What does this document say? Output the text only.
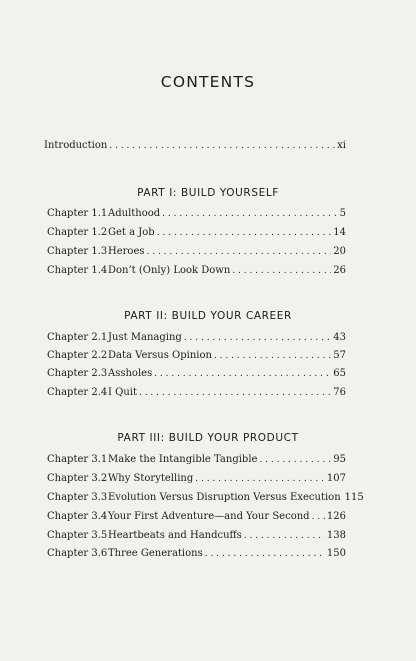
CONTENTS
Introduction . . .	xi
PART I: BUILD YOURSELF
Chapter 1.1 Adulthood . . .	5
Chapter 1.2 Get a Job . . .	14
Chapter 1.3 Heroes . . .	20
Chapter 1.4 Don’t (Only) Look Down . . .	26
PART II: BUILD YOUR CAREER
Chapter 2.1 Just Managing . . .	43
Chapter 2.2 Data Versus Opinion . . .	57
Chapter 2.3 Assholes . . .	65
Chapter 2.4 I Quit . . .	76
PART III: BUILD YOUR PRODUCT
Chapter 3.1 Make the Intangible Tangible . . .	95
Chapter 3.2 Why Storytelling . . .	107
Chapter 3.3 Evolution Versus Disruption Versus Execution 115
Chapter 3.4 Your First Adventure—and Your Second . . . 126
Chapter 3.5 Heartbeats and Handcuffs . . .	138
Chapter 3.6 Three Generations . . .	150
